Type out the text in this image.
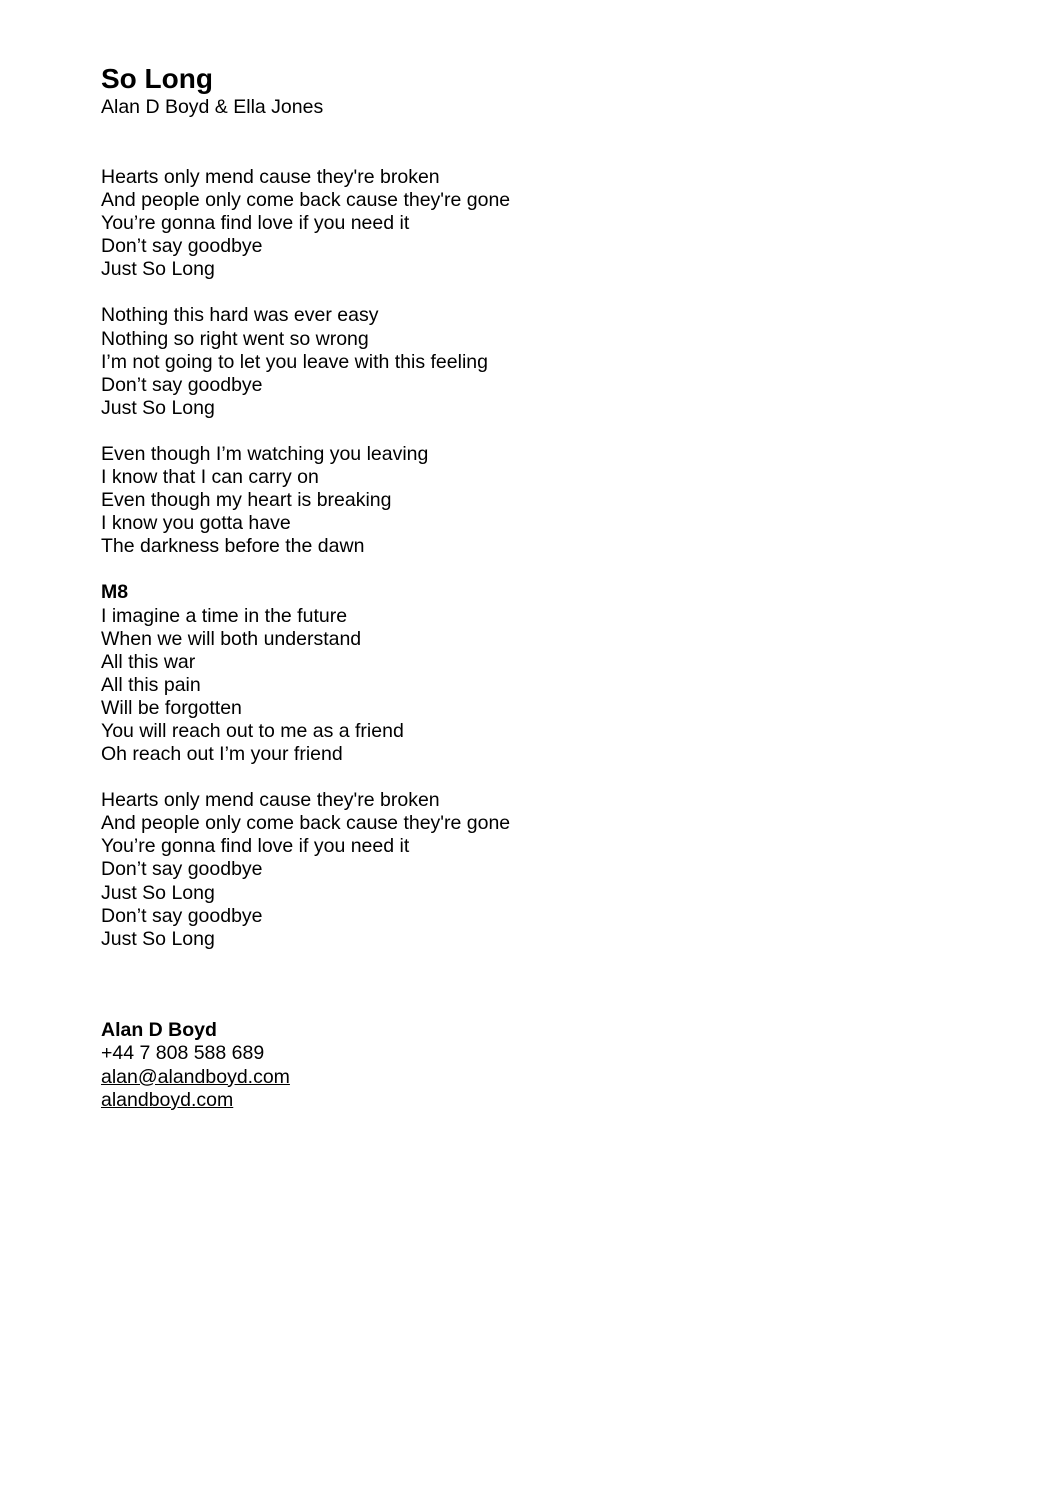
So Long
Alan D Boyd & Ella Jones
Hearts only mend cause they're broken
And people only come back cause they're gone
You’re gonna find love if you need it
Don’t say goodbye
Just So Long
Nothing this hard was ever easy
Nothing so right went so wrong
I’m not going to let you leave with this feeling
Don’t say goodbye
Just So Long
Even though I’m watching you leaving
I know that I can carry on
Even though my heart is breaking
I know you gotta have
The darkness before the dawn
M8
I imagine a time in the future
When we will both understand
All this war
All this pain
Will be forgotten
You will reach out to me as a friend
Oh reach out I’m your friend
Hearts only mend cause they're broken
And people only come back cause they're gone
You’re gonna find love if you need it
Don’t say goodbye
Just So Long
Don’t say goodbye
Just So Long
Alan D Boyd
+44 7 808 588 689
alan@alandboyd.com
alandboyd.com
